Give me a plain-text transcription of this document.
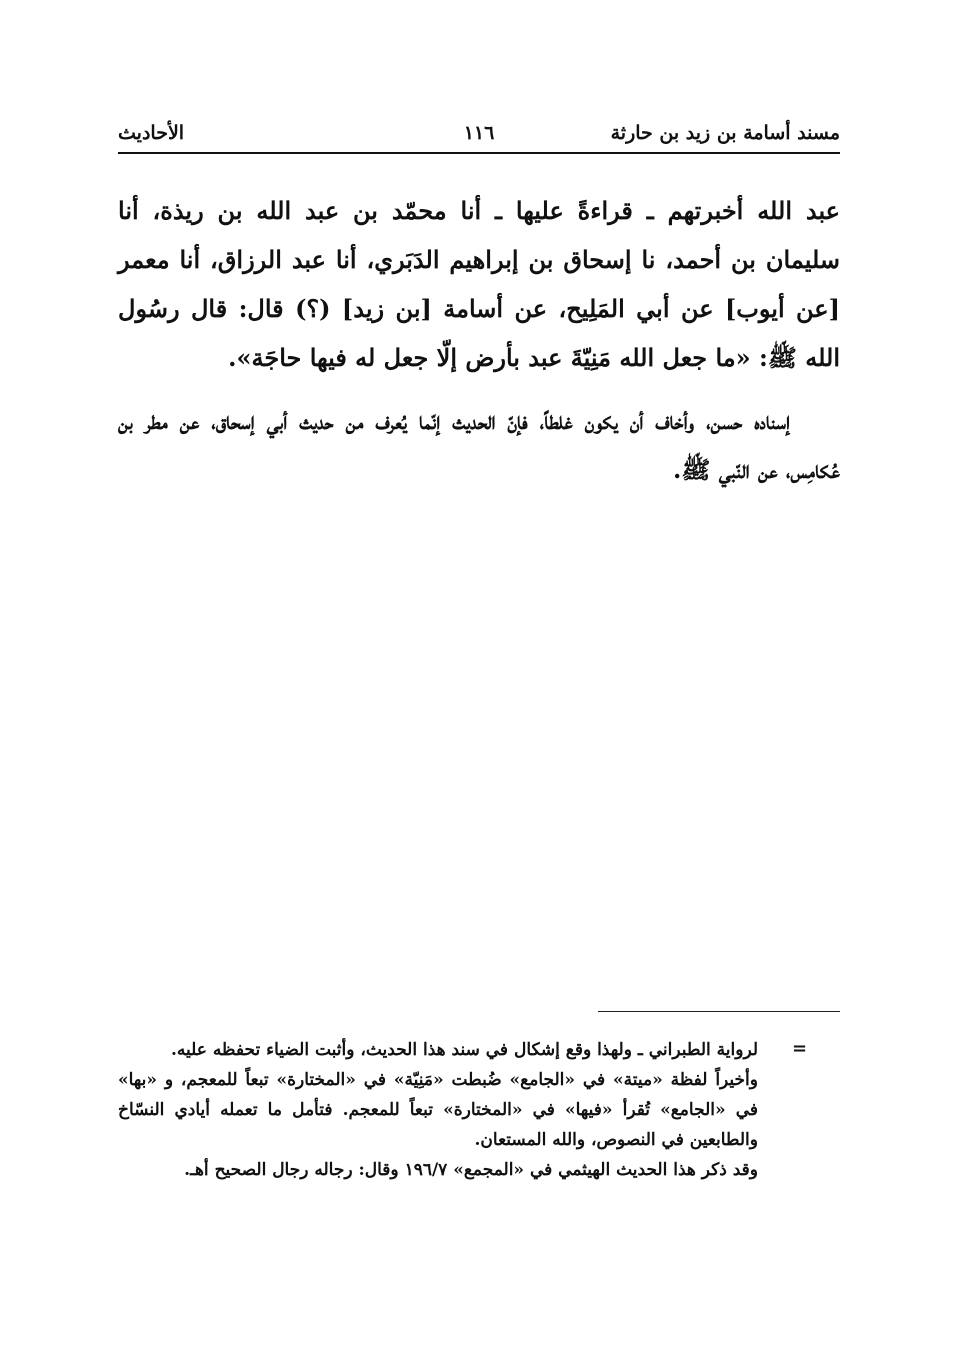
مسند أسامة بن زيد بن حارثة
١١٦
الأحاديث

عبد الله أخبرتهم ـ قراءةً عليها ـ أنا محمّد بن عبد الله بن ريذة، أنا سليمان بن أحمد، نا إسحاق بن إبراهيم الدَبَري، أنا عبد الرزاق، أنا معمر [عن أيوب] عن أبي المَلِيح، عن أسامة [بن زيد] (؟) قال: قال رسُول الله ﷺ: «ما جعل الله مَنِيّةَ عبد بأرض إلّا جعل له فيها حاجَة».

إسناده حسن، وأخاف أن يكون غلطاً، فإنّ الحديث إنّما يُعرف من حديث أبي إسحاق، عن مطر بن عُكامِس، عن النّبي ﷺ.

=

لرواية الطبراني ـ ولهذا وقع إشكال في سند هذا الحديث، وأثبت الضياء تحفظه عليه.

وأخيراً لفظة «ميتة» في «الجامع» ضُبطت «مَنِيّة» في «المختارة» تبعاً للمعجم، و «بها» في «الجامع» تُقرأ «فيها» في «المختارة» تبعاً للمعجم. فتأمل ما تعمله أيادي النسّاخ والطابعين في النصوص، والله المستعان.

وقد ذكر هذا الحديث الهيثمي في «المجمع» ١٩٦/٧ وقال: رجاله رجال الصحيح أهـ.
